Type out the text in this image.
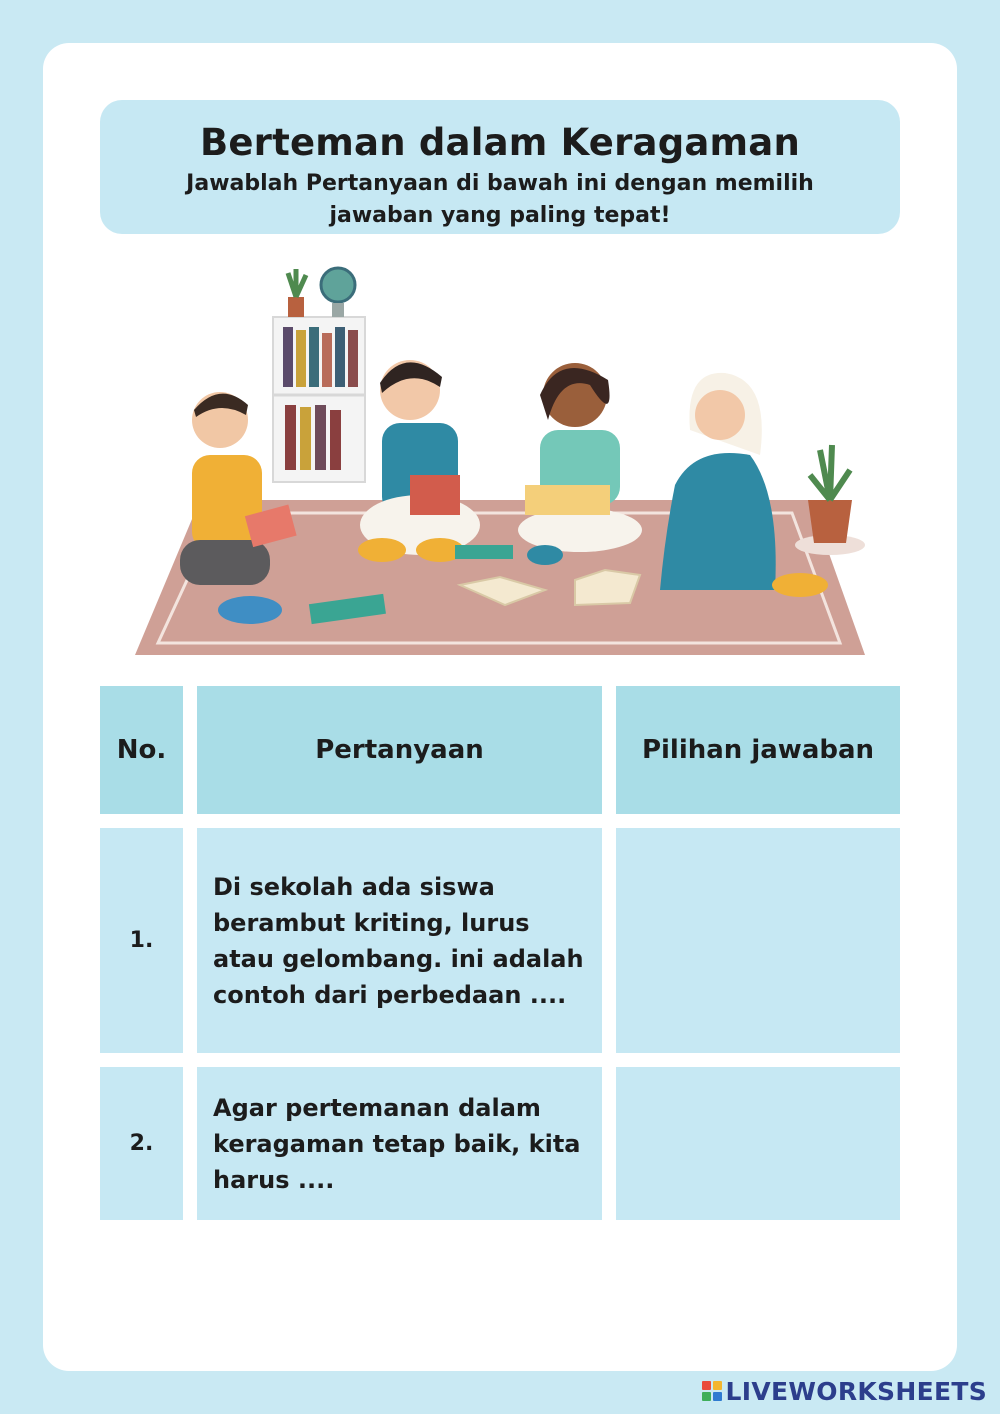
Berteman dalam Keragaman
Jawablah Pertanyaan di bawah ini dengan memilih jawaban yang paling tepat!
No.	Pertanyaan	Pilihan jawaban
1.
Di sekolah ada siswa berambut kriting, lurus atau gelombang. ini adalah contoh dari perbedaan ....
2.
Agar pertemanan dalam keragaman tetap baik, kita harus ....
LIVEWORKSHEETS
